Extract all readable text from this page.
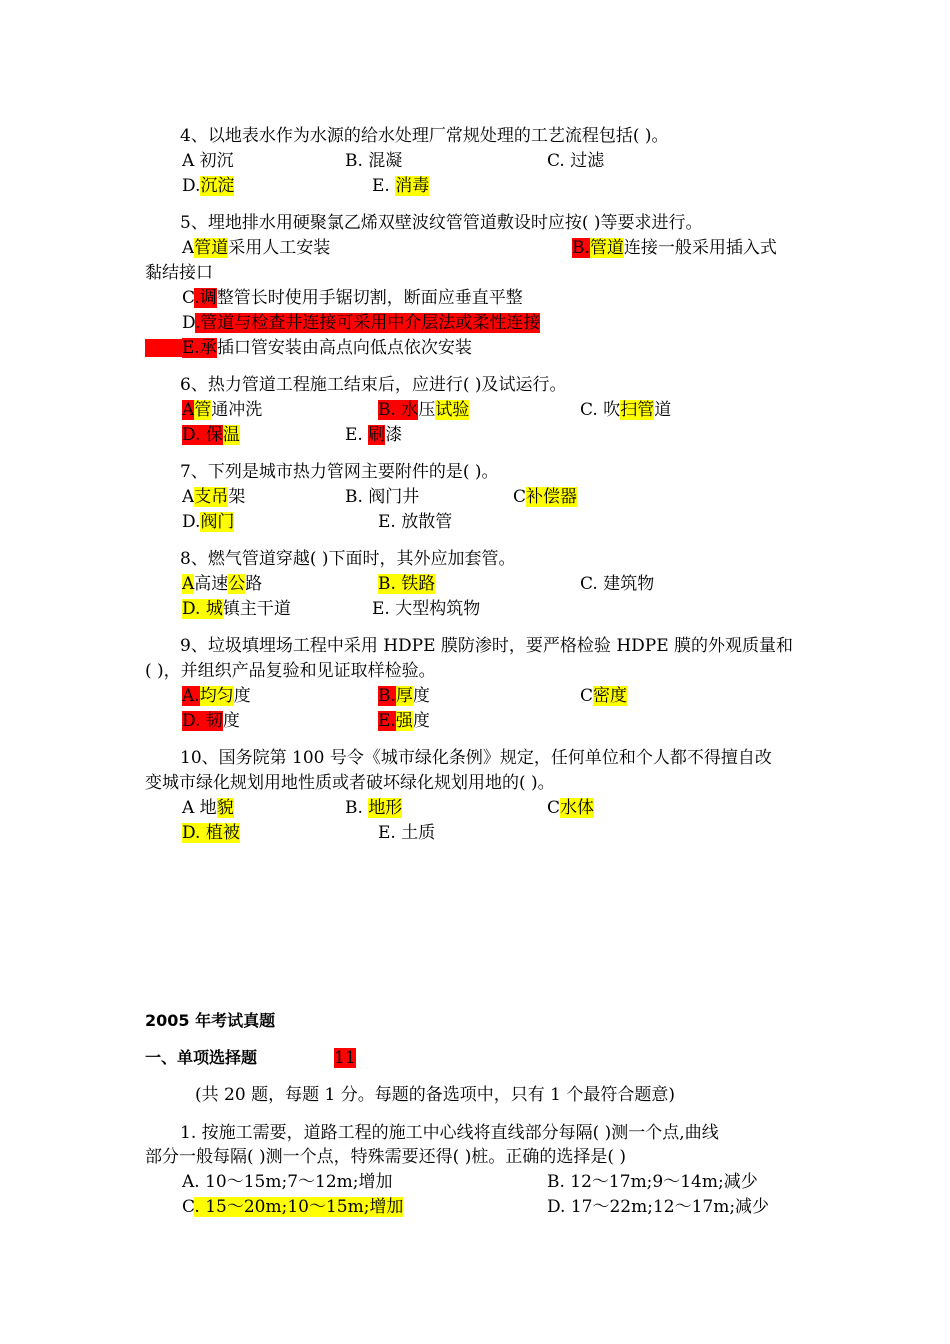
4、以地表水作为水源的给水处理厂常规处理的工艺流程包括( )。
A 初沉	B. 混凝	C. 过滤
D.沉淀	E. 消毒
5、埋地排水用硬聚氯乙烯双壁波纹管管道敷设时应按( )等要求进行。
A管道采用人工安装	B.管道连接一般采用插入式
黏结接口
C.调整管长时使用手锯切割，断面应垂直平整
D.管道与检查井连接可采用中介层法或柔性连接
E.承插口管安装由高点向低点依次安装
6、热力管道工程施工结束后，应进行( )及试运行。
A管通冲洗	B. 水压试验	C. 吹扫管道
D. 保温	E. 刷漆
7、下列是城市热力管网主要附件的是( )。
A支吊架	B. 阀门井	C补偿器
D.阀门	E. 放散管
8、燃气管道穿越( )下面时，其外应加套管。
A高速公路	B. 铁路	C. 建筑物
D. 城镇主干道	E. 大型构筑物
9、垃圾填埋场工程中采用 HDPE 膜防渗时，要严格检验 HDPE 膜的外观质量和
( )，并组织产品复验和见证取样检验。
A.均匀度	B.厚度	C密度
D. 韧度	E.强度
10、国务院第 100 号令《城市绿化条例》规定，任何单位和个人都不得擅自改
变城市绿化规划用地性质或者破坏绿化规划用地的( )。
A 地貌	B. 地形	C水体
D. 植被	E. 土质
2005 年考试真题
一、单项选择题	11
(共 20 题，每题 1 分。每题的备选项中，只有 1 个最符合题意)
1. 按施工需要，道路工程的施工中心线将直线部分每隔( )测一个点,曲线
部分一般每隔( )测一个点，特殊需要还得( )桩。正确的选择是( )
A. 10～15m;7～12m;增加	B. 12～17m;9～14m;减少
C. 15～20m;10～15m;增加	D. 17～22m;12～17m;减少
